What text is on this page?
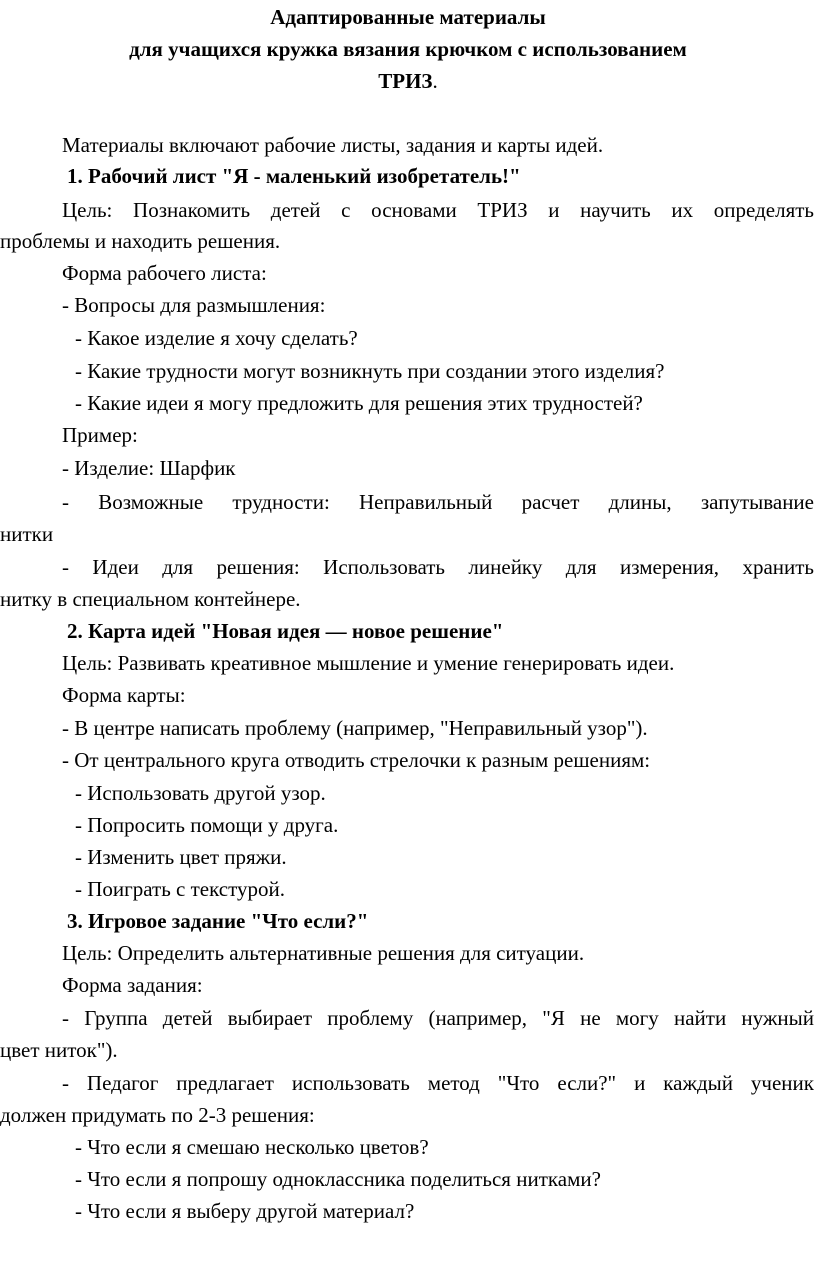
Адаптированные материалы
для учащихся кружка вязания крючком с использованием
ТРИЗ.
Материалы включают рабочие листы, задания и карты идей.
1. Рабочий лист "Я - маленький изобретатель!"
Цель: Познакомить детей с основами ТРИЗ и научить их определять
проблемы и находить решения.
Форма рабочего листа:
- Вопросы для размышления:
- Какое изделие я хочу сделать?
- Какие трудности могут возникнуть при создании этого изделия?
- Какие идеи я могу предложить для решения этих трудностей?
Пример:
- Изделие: Шарфик
- Возможные трудности: Неправильный расчет длины, запутывание
нитки
- Идеи для решения: Использовать линейку для измерения, хранить
нитку в специальном контейнере.
2. Карта идей "Новая идея — новое решение"
Цель: Развивать креативное мышление и умение генерировать идеи.
Форма карты:
- В центре написать проблему (например, "Неправильный узор").
- От центрального круга отводить стрелочки к разным решениям:
- Использовать другой узор.
- Попросить помощи у друга.
- Изменить цвет пряжи.
- Поиграть с текстурой.
3. Игровое задание "Что если?"
Цель: Определить альтернативные решения для ситуации.
Форма задания:
- Группа детей выбирает проблему (например, "Я не могу найти нужный
цвет ниток").
- Педагог предлагает использовать метод "Что если?" и каждый ученик
должен придумать по 2-3 решения:
- Что если я смешаю несколько цветов?
- Что если я попрошу одноклассника поделиться нитками?
- Что если я выберу другой материал?
